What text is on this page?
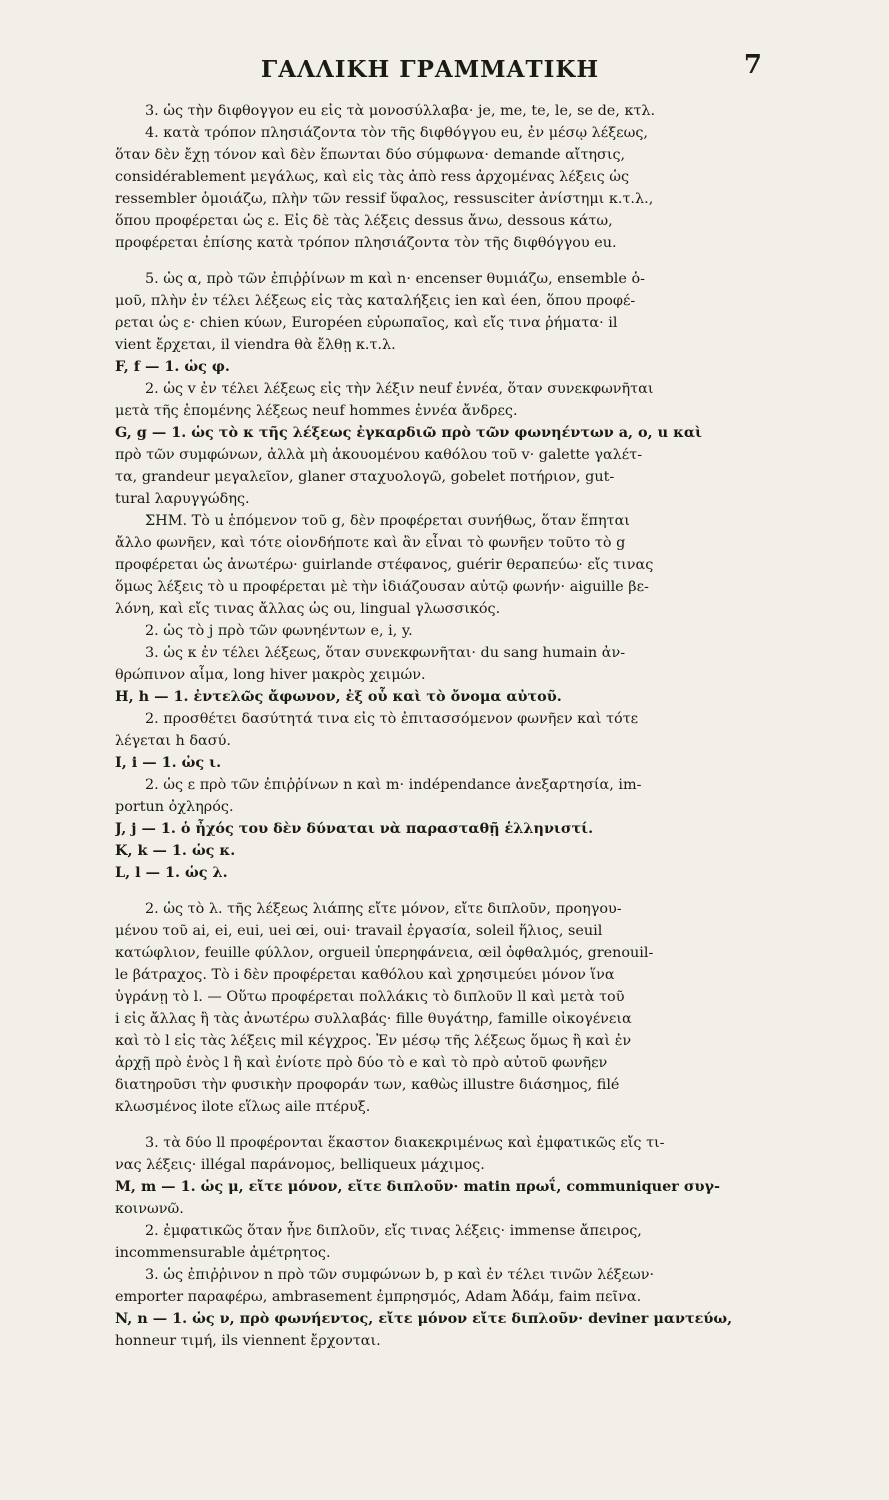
ΓΑΛΛΙΚΗ ΓΡΑΜΜΑΤΙΚΗ	7
3. ὡς τὴν διφθογγον eu εἰς τὰ μονοσύλλαβα· je, me, te, le, se de, κτλ.
4. κατὰ τρόπον πλησιάζοντα τὸν τῆς διφθόγγου eu, ἐν μέσῳ λέξεως,
ὅταν δὲν ἔχῃ τόνον καὶ δὲν ἕπωνται δύο σύμφωνα· demande αἴτησις,
considérablement μεγάλως, καὶ εἰς τὰς ἀπὸ ress ἀρχομένας λέξεις ὡς
ressembler ὁμοιάζω, πλὴν τῶν ressif ὕφαλος, ressusciter ἀνίστημι κ.τ.λ.,
ὅπου προφέρεται ὡς ε. Εἰς δὲ τὰς λέξεις dessus ἄνω, dessous κάτω,
προφέρεται ἐπίσης κατὰ τρόπον πλησιάζοντα τὸν τῆς διφθόγγου eu.
5. ὡς α, πρὸ τῶν ἐπιῤῥίνων m καὶ n· encenser θυμιάζω, ensemble ὁ-
μοῦ, πλὴν ἐν τέλει λέξεως εἰς τὰς καταλήξεις ien καὶ éen, ὅπου προφέ-
ρεται ὡς ε· chien κύων, Européen εὐρωπαῖος, καὶ εἴς τινα ῥήματα· il
vient ἔρχεται, il viendra θὰ ἔλθῃ κ.τ.λ.
F, f — 1. ὡς φ.
2. ὡς v ἐν τέλει λέξεως εἰς τὴν λέξιν neuf ἐννέα, ὅταν συνεκφωνῆται
μετὰ τῆς ἑπομένης λέξεως neuf hommes ἐννέα ἄνδρες.
G, g — 1. ὡς τὸ κ τῆς λέξεως ἐγκαρδιῶ πρὸ τῶν φωνηέντων a, o, u καὶ
πρὸ τῶν συμφώνων, ἀλλὰ μὴ ἀκουομένου καθόλου τοῦ v· galette γαλέτ-
τα, grandeur μεγαλεῖον, glaner σταχυολογῶ, gobelet ποτήριον, gut-
tural λαρυγγώδης.
ΣΗΜ. Τὸ u ἑπόμενον τοῦ g, δὲν προφέρεται συνήθως, ὅταν ἕπηται
ἄλλο φωνῆεν, καὶ τότε οἱονδήποτε καὶ ἂν εἶναι τὸ φωνῆεν τοῦτο τὸ g
προφέρεται ὡς ἀνωτέρω· guirlande στέφανος, guérir θεραπεύω· εἴς τινας
ὅμως λέξεις τὸ u προφέρεται μὲ τὴν ἰδιάζουσαν αὐτῷ φωνήν· aiguille βε-
λόνη, καὶ εἴς τινας ἄλλας ὡς ou, lingual γλωσσικός.
2. ὡς τὸ j πρὸ τῶν φωνηέντων e, i, y.
3. ὡς κ ἐν τέλει λέξεως, ὅταν συνεκφωνῆται· du sang humain ἀν-
θρώπινον αἷμα, long hiver μακρὸς χειμών.
H, h — 1. ἐντελῶς ἄφωνον, ἐξ οὗ καὶ τὸ ὄνομα αὐτοῦ.
2. προσθέτει δασύτητά τινα εἰς τὸ ἐπιτασσόμενον φωνῆεν καὶ τότε
λέγεται h δασύ.
I, i — 1. ὡς ι.
2. ὡς ε πρὸ τῶν ἐπιῤῥίνων n καὶ m· indépendance ἀνεξαρτησία, im-
portun ὀχληρός.
J, j — 1. ὁ ἦχός του δὲν δύναται νὰ παρασταθῇ ἑλληνιστί.
K, k — 1. ὡς κ.
L, l — 1. ὡς λ.
2. ὡς τὸ λ. τῆς λέξεως λιάπης εἴτε μόνον, εἴτε διπλοῦν, προηγου-
μένου τοῦ ai, ei, eui, uei œi, oui· travail ἐργασία, soleil ἥλιος, seuil
κατώφλιον, feuille φύλλον, orgueil ὑπερηφάνεια, œil ὀφθαλμός, grenouil-
le βάτραχος. Τὸ i δὲν προφέρεται καθόλου καὶ χρησιμεύει μόνον ἵνα
ὑγράνῃ τὸ l. — Οὕτω προφέρεται πολλάκις τὸ διπλοῦν ll καὶ μετὰ τοῦ
i εἰς ἄλλας ἢ τὰς ἀνωτέρω συλλαβάς· fille θυγάτηρ, famille οἰκογένεια
καὶ τὸ l εἰς τὰς λέξεις mil κέγχρος. Ἐν μέσῳ τῆς λέξεως ὅμως ἢ καὶ ἐν
ἀρχῇ πρὸ ἑνὸς l ἢ καὶ ἐνίοτε πρὸ δύο τὸ e καὶ τὸ πρὸ αὐτοῦ φωνῆεν
διατηροῦσι τὴν φυσικὴν προφοράν των, καθὼς illustre διάσημος, filé
κλωσμένος ilote εἵλως aile πτέρυξ.
3. τὰ δύο ll προφέρονται ἕκαστον διακεκριμένως καὶ ἐμφατικῶς εἴς τι-
νας λέξεις· illégal παράνομος, belliqueux μάχιμος.
M, m — 1. ὡς μ, εἴτε μόνον, εἴτε διπλοῦν· matin πρωΐ, communiquer συγ-
κοινωνῶ.
2. ἐμφατικῶς ὅταν ἦνε διπλοῦν, εἴς τινας λέξεις· immense ἄπειρος,
incommensurable ἀμέτρητος.
3. ὡς ἐπιῤῥινον n πρὸ τῶν συμφώνων b, p καὶ ἐν τέλει τινῶν λέξεων·
emporter παραφέρω, ambrasement ἐμπρησμός, Adam Ἀδάμ, faim πεῖνα.
N, n — 1. ὡς ν, πρὸ φωνήεντος, εἴτε μόνον εἴτε διπλοῦν· deviner μαντεύω,
honneur τιμή, ils viennent ἔρχονται.
